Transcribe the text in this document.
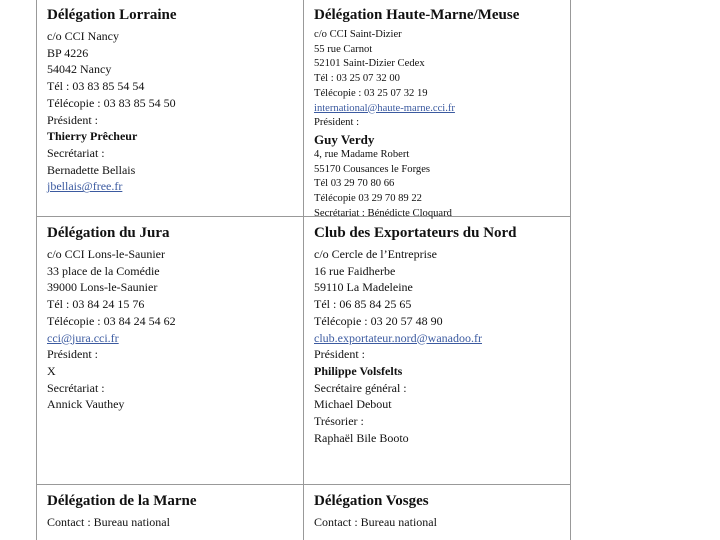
Délégation Lorraine
c/o CCI Nancy
BP 4226
54042 Nancy
Tél : 03 83 85 54 54
Télécopie : 03 83 85 54 50
Président :
Thierry Prêcheur
Secrétariat :
Bernadette Bellais
jbellais@free.fr
Délégation Haute-Marne/Meuse
c/o CCI Saint-Dizier
55 rue Carnot
52101 Saint-Dizier Cedex
Tél : 03 25 07 32 00
Télécopie : 03 25 07 32 19
international@haute-marne.cci.fr
Président :
Guy Verdy
4, rue Madame Robert
55170 Cousances le Forges
Tél 03 29 70 80 66
Télécopie 03 29 70 89 22
Secrétariat : Bénédicte Cloquard
Délégation du Jura
c/o CCI Lons-le-Saunier
33 place de la Comédie
39000 Lons-le-Saunier
Tél : 03 84 24 15 76
Télécopie : 03 84 24 54 62
cci@jura.cci.fr
Président :
X
Secrétariat :
Annick Vauthey
Club des Exportateurs du Nord
c/o Cercle de l’Entreprise
16 rue Faidherbe
59110 La Madeleine
Tél : 06 85 84 25 65
Télécopie : 03 20 57 48 90
club.exportateur.nord@wanadoo.fr
Président :
Philippe Volsfelts
Secrétaire général :
Michael Debout
Trésorier :
Raphaël Bile Booto
Délégation de la Marne
Contact : Bureau national
Délégation Vosges
Contact : Bureau national
